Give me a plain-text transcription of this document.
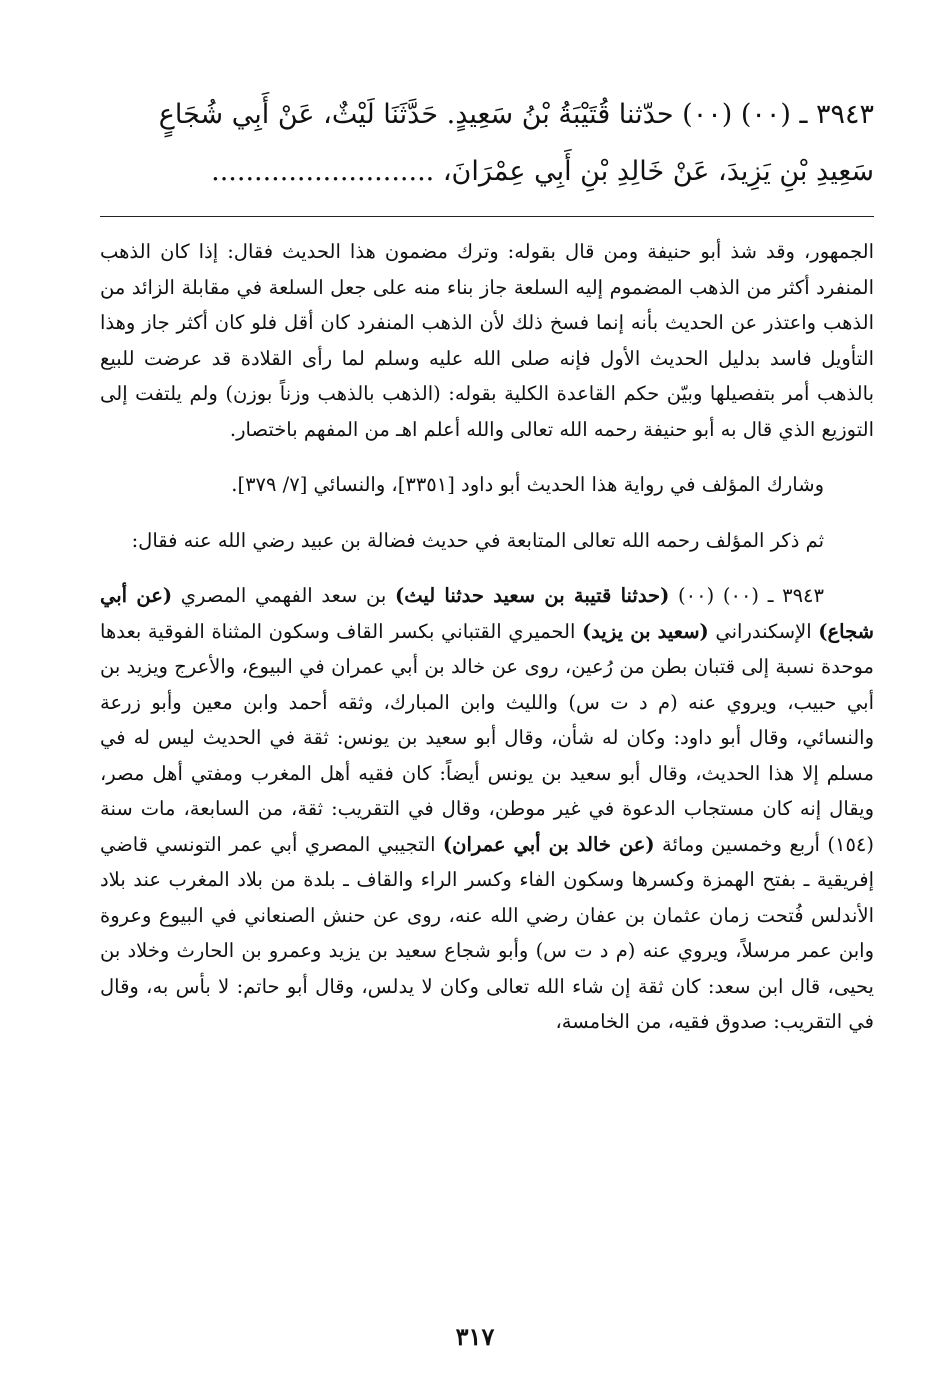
٣٩٤٣ ـ (٠٠) (٠٠) حدّثنا قُتَيْبَةُ بْنُ سَعِيدٍ. حَدَّثَنَا لَيْثٌ، عَنْ أَبِي شُجَاعٍ
سَعِيدِ بْنِ يَزِيدَ، عَنْ خَالِدِ بْنِ أَبِي عِمْرَانَ، ..........................

الجمهور، وقد شذ أبو حنيفة ومن قال بقوله: وترك مضمون هذا الحديث فقال: إذا كان الذهب المنفرد أكثر من الذهب المضموم إليه السلعة جاز بناء منه على جعل السلعة في مقابلة الزائد من الذهب واعتذر عن الحديث بأنه إنما فسخ ذلك لأن الذهب المنفرد كان أقل فلو كان أكثر جاز وهذا التأويل فاسد بدليل الحديث الأول فإنه صلى الله عليه وسلم لما رأى القلادة قد عرضت للبيع بالذهب أمر بتفصيلها وبيّن حكم القاعدة الكلية بقوله: (الذهب بالذهب وزناً بوزن) ولم يلتفت إلى التوزيع الذي قال به أبو حنيفة رحمه الله تعالى والله أعلم اهـ من المفهم باختصار.

وشارك المؤلف في رواية هذا الحديث أبو داود [٣٣٥١]، والنسائي [٧/ ٣٧٩].

ثم ذكر المؤلف رحمه الله تعالى المتابعة في حديث فضالة بن عبيد رضي الله عنه فقال:

٣٩٤٣ ـ (٠٠) (٠٠) (حدثنا قتيبة بن سعيد حدثنا ليث) بن سعد الفهمي المصري (عن أبي شجاع) الإسكندراني (سعيد بن يزيد) الحميري القتباني بكسر القاف وسكون المثناة الفوقية بعدها موحدة نسبة إلى قتبان بطن من رُعين، روى عن خالد بن أبي عمران في البيوع، والأعرج ويزيد بن أبي حبيب، ويروي عنه (م د ت س) والليث وابن المبارك، وثقه أحمد وابن معين وأبو زرعة والنسائي، وقال أبو داود: وكان له شأن، وقال أبو سعيد بن يونس: ثقة في الحديث ليس له في مسلم إلا هذا الحديث، وقال أبو سعيد بن يونس أيضاً: كان فقيه أهل المغرب ومفتي أهل مصر، ويقال إنه كان مستجاب الدعوة في غير موطن، وقال في التقريب: ثقة، من السابعة، مات سنة (١٥٤) أربع وخمسين ومائة (عن خالد بن أبي عمران) التجيبي المصري أبي عمر التونسي قاضي إفريقية ـ بفتح الهمزة وكسرها وسكون الفاء وكسر الراء والقاف ـ بلدة من بلاد المغرب عند بلاد الأندلس فُتحت زمان عثمان بن عفان رضي الله عنه، روى عن حنش الصنعاني في البيوع وعروة وابن عمر مرسلاً، ويروي عنه (م د ت س) وأبو شجاع سعيد بن يزيد وعمرو بن الحارث وخلاد بن يحيى، قال ابن سعد: كان ثقة إن شاء الله تعالى وكان لا يدلس، وقال أبو حاتم: لا بأس به، وقال في التقريب: صدوق فقيه، من الخامسة،

٣١٧
